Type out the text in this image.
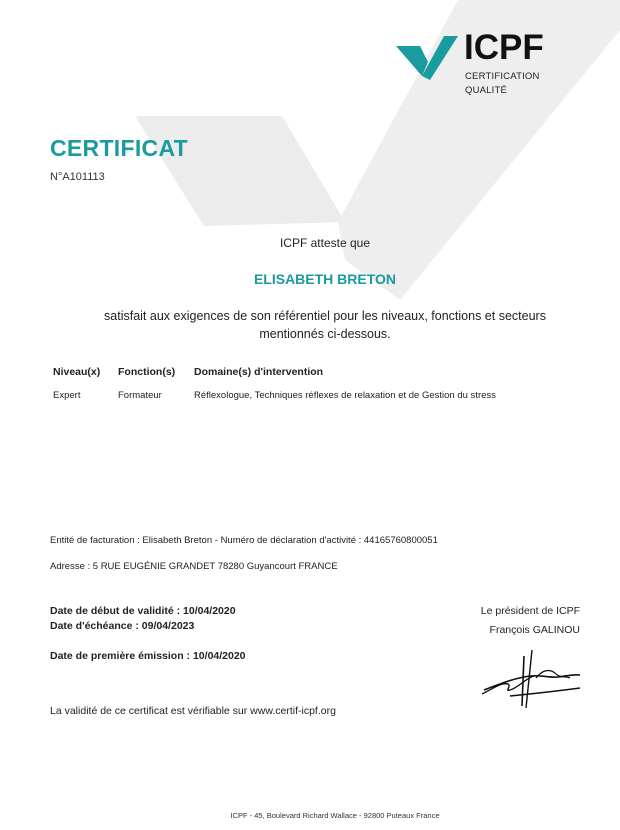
ICPF
CERTIFICATION
QUALITÉ
CERTIFICAT
N°A101113
ICPF atteste que
ELISABETH BRETON
satisfait aux exigences de son référentiel pour les niveaux, fonctions et secteurs mentionnés ci-dessous.
Niveau(x)	Fonction(s)	Domaine(s) d'intervention
Expert	Formateur	Réflexologue, Techniques réflexes de relaxation et de Gestion du stress
Entité de facturation : Elisabeth Breton - Numéro de déclaration d'activité : 44165760800051
Adresse : 5 RUE EUGÉNIE GRANDET 78280 Guyancourt FRANCE
Date de début de validité : 10/04/2020
Date d'échéance : 09/04/2023
Date de première émission : 10/04/2020
La validité de ce certificat est vérifiable sur www.certif-icpf.org
Le président de ICPF
François GALINOU
ICPF - 45, Boulevard Richard Wallace - 92800 Puteaux France
